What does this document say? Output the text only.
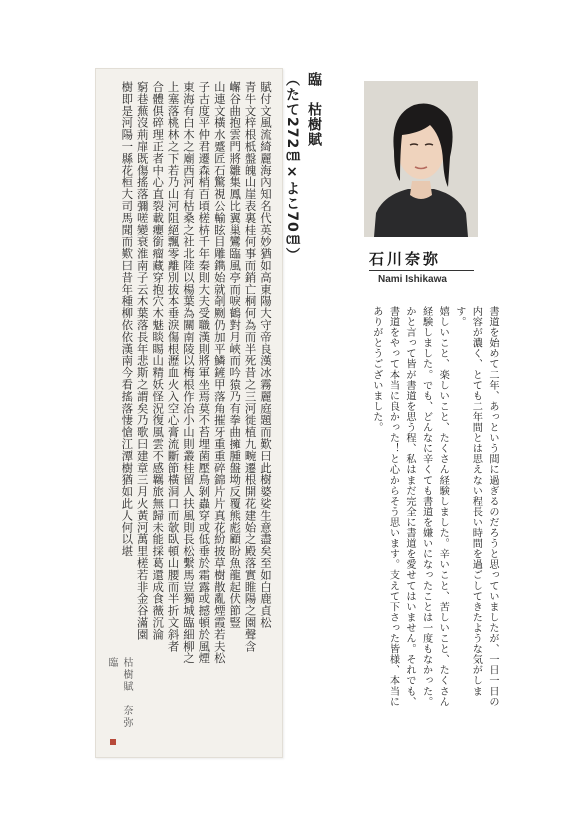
賦付文風流綺麗海內知名代英妙猶如高東陽大守帝良漢冰霧麗庭題而歎曰此樹婆娑生意盡矣至如白鹿貞松
青牛文梓根柢盤魄山崖表裏桂何事而銷亡桐何為而半死昔之三河徙植九畹遷根開花建始之殿落實睢陽之園聲含
嶰谷曲抱雲門將雛集鳳比翼巢鸞臨風亭而唳鶴對月峽而吟猿乃有拳曲擁腫盤坳反覆熊彪顧盼魚龍起伏節豎
山連文橫水蹙匠石驚視公輸眩目雕鐫始就剞劂仍加平鱗鏟甲落角摧牙重重碎錦片片真花紛披草樹散亂煙霞若夫松
子古度平仲君遷森梢百頃槎枿千年秦則大夫受職漢則將軍坐焉莫不苔埋菌壓鳥剝蟲穿或低垂於霜露或撼頓於風煙
東海有白木之廟西河有枯桑之社北陸以楊葉為關南陵以梅根作冶小山則叢桂留人扶風則長松繫馬豈獨城臨細柳之
上塞落桃林之下若乃山河阻絕飄零離別拔本垂淚傷根瀝血火入空心膏流斷節橫洞口而欹臥頓山腰而半折文斜者
合體俱碎理正者中心直裂載癭銜瘤藏穿抱穴木魅睒睗山精妖怪況復風雲不感羈旅無歸未能採葛還成食薇沉淪
窮巷蕪沒荊扉既傷搖落彌嗟變衰淮南子云木葉落長年悲斯之謂矣乃歌曰建章三月火黃河萬里槎若非金谷滿園
樹即是河陽一縣花桓大司馬聞而歎曰昔年種柳依依漢南今看搖落悽愴江潭樹猶如此人何以堪
枯樹賦　奈弥臨
臨　枯樹賦
（たて272㎝×よこ70㎝）	石川奈弥
Nami Ishikawa

書道を始めて二年、あっという間に過ぎるのだろうと思っていましたが、一日一日の内容が濃く、とても二年間とは思えない程長い時間を過ごしてきたような気がします。

嬉しいこと、楽しいこと、たくさん経験しました。辛いこと、苦しいこと、たくさん経験しました。でも、どんなに辛くても書道を嫌いになったことは一度もなかった。かと言って皆が書道を思う程、私はまだ完全に書道を愛せてはいません。それでも、書道をやって本当に良かった！と心からそう思います。支えて下さった皆様、本当にありがとうございました。
